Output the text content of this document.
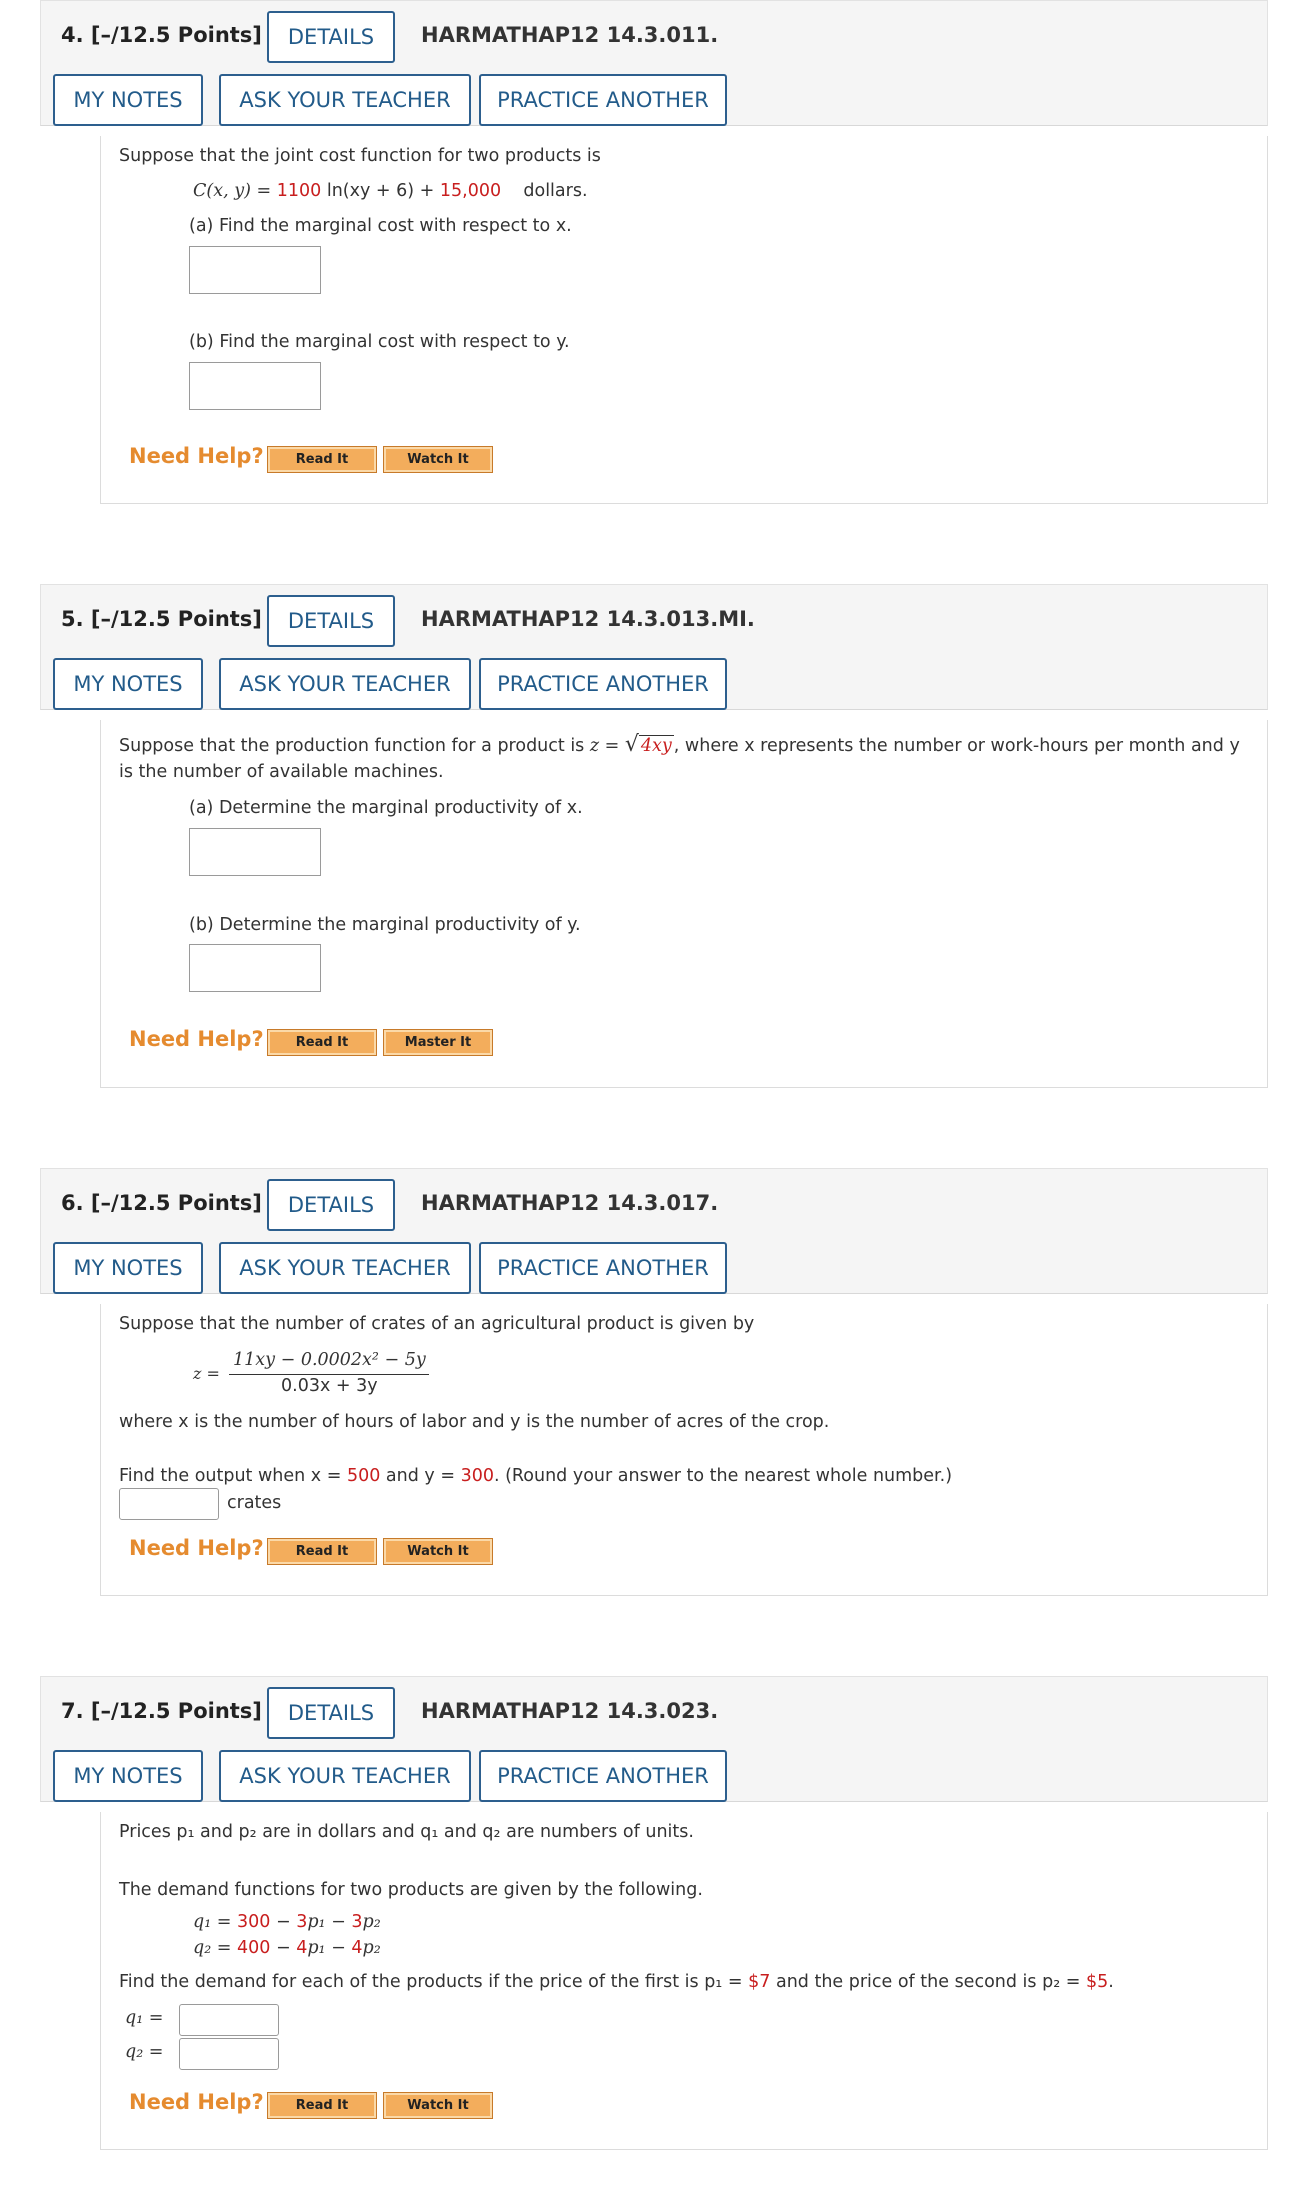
4. [–/12.5 Points]	DETAILS	HARMATHAP12 14.3.011.
MY NOTES	ASK YOUR TEACHER	PRACTICE ANOTHER
Suppose that the joint cost function for two products is
C(x, y) = 1100 ln(xy + 6) + 15,000 dollars.
(a) Find the marginal cost with respect to x.
(b) Find the marginal cost with respect to y.
Need Help?	Read It	Watch It
5. [–/12.5 Points]	DETAILS	HARMATHAP12 14.3.013.MI.
MY NOTES	ASK YOUR TEACHER	PRACTICE ANOTHER
Suppose that the production function for a product is z = √ 4xy , where x represents the number or work-hours per month and y
is the number of available machines.
(a) Determine the marginal productivity of x.
(b) Determine the marginal productivity of y.
Need Help?	Read It	Master It
6. [–/12.5 Points]	DETAILS	HARMATHAP12 14.3.017.
MY NOTES	ASK YOUR TEACHER	PRACTICE ANOTHER
Suppose that the number of crates of an agricultural product is given by
z =
11xy − 0.0002x² − 5y
0.03x + 3y
where x is the number of hours of labor and y is the number of acres of the crop.
Find the output when x = 500 and y = 300. (Round your answer to the nearest whole number.)
crates
Need Help?	Read It	Watch It
7. [–/12.5 Points]	DETAILS	HARMATHAP12 14.3.023.
MY NOTES	ASK YOUR TEACHER	PRACTICE ANOTHER
Prices p₁ and p₂ are in dollars and q₁ and q₂ are numbers of units.
The demand functions for two products are given by the following.
q₁ = 300 − 3p₁ − 3p₂
q₂ = 400 − 4p₁ − 4p₂
Find the demand for each of the products if the price of the first is p₁ = $7 and the price of the second is p₂ = $5.
q₁ =
q₂ =
Need Help?	Read It	Watch It
